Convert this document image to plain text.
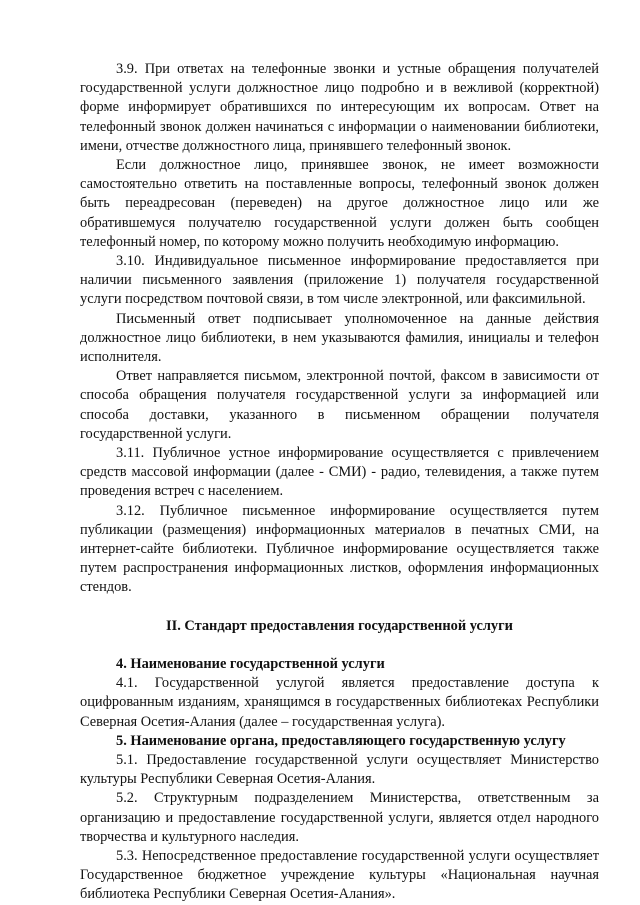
3.9. При ответах на телефонные звонки и устные обращения получателей государственной услуги должностное лицо подробно и в вежливой (корректной) форме информирует обратившихся по интересующим их вопросам. Ответ на телефонный звонок должен начинаться с информации о наименовании библиотеки, имени, отчестве должностного лица, принявшего телефонный звонок.

Если должностное лицо, принявшее звонок, не имеет возможности самостоятельно ответить на поставленные вопросы, телефонный звонок должен быть переадресован (переведен) на другое должностное лицо или же обратившемуся получателю государственной услуги должен быть сообщен телефонный номер, по которому можно получить необходимую информацию.

3.10. Индивидуальное письменное информирование предоставляется при наличии письменного заявления (приложение 1) получателя государственной услуги посредством почтовой связи, в том числе электронной, или факсимильной.

Письменный ответ подписывает уполномоченное на данные действия должностное лицо библиотеки, в нем указываются фамилия, инициалы и телефон исполнителя.

Ответ направляется письмом, электронной почтой, факсом в зависимости от способа обращения получателя государственной услуги за информацией или способа доставки, указанного в письменном обращении получателя государственной услуги.

3.11. Публичное устное информирование осуществляется с привлечением средств массовой информации (далее - СМИ) - радио, телевидения, а также путем проведения встреч с населением.

3.12. Публичное письменное информирование осуществляется путем публикации (размещения) информационных материалов в печатных СМИ, на интернет-сайте библиотеки. Публичное информирование осуществляется также путем распространения информационных листков, оформления информационных стендов.

II. Стандарт предоставления государственной услуги

4. Наименование государственной услуги

4.1. Государственной услугой является предоставление доступа к оцифрованным изданиям, хранящимся в государственных библиотеках Республики Северная Осетия-Алания (далее – государственная услуга).

5. Наименование органа, предоставляющего государственную услугу

5.1. Предоставление государственной услуги осуществляет Министерство культуры Республики Северная Осетия-Алания.

5.2. Структурным подразделением Министерства, ответственным за организацию и предоставление государственной услуги, является отдел народного творчества и культурного наследия.

5.3. Непосредственное предоставление государственной услуги осуществляет Государственное бюджетное учреждение культуры «Национальная научная библиотека Республики Северная Осетия-Алания».
